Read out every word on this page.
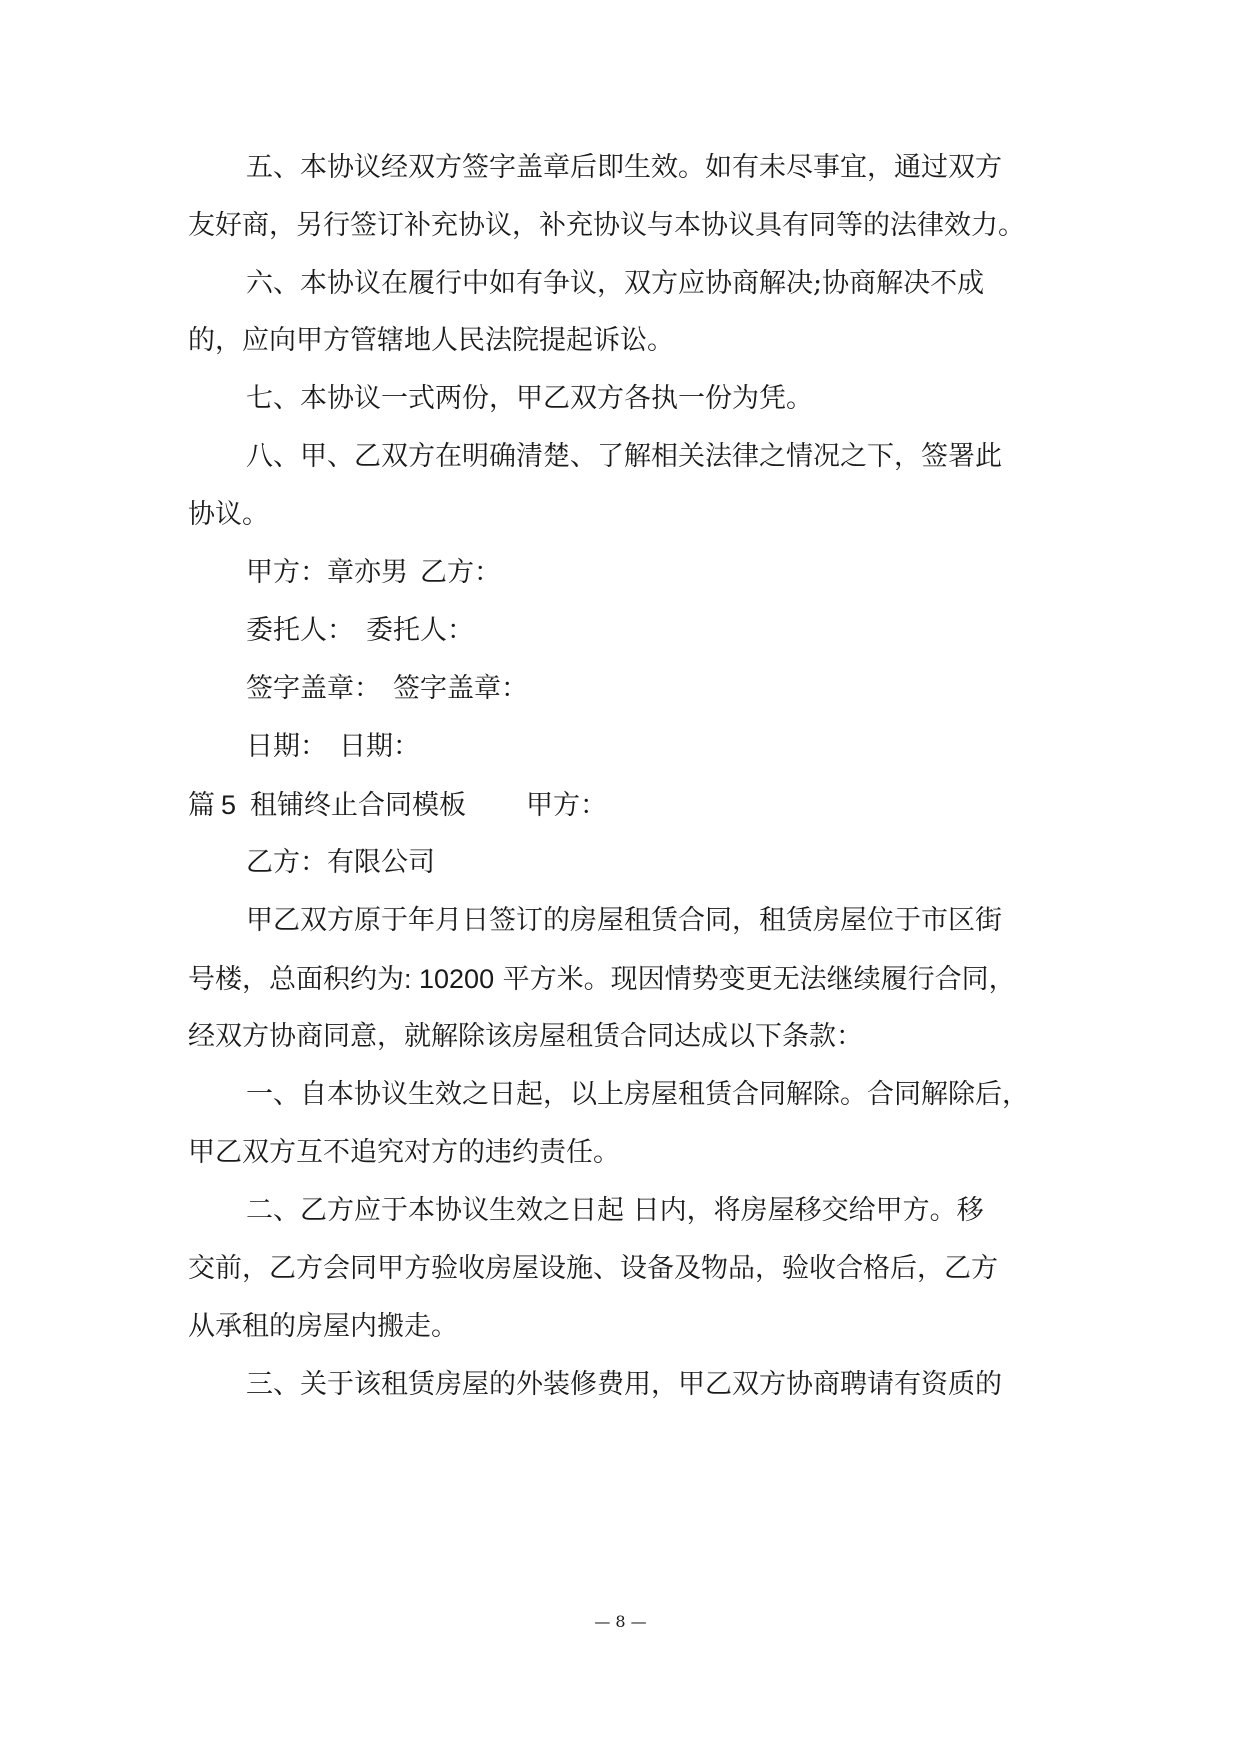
五、本协议经双方签字盖章后即生效。如有未尽事宜，通过双方
友好商，另行签订补充协议，补充协议与本协议具有同等的法律效力。
六、本协议在履行中如有争议，双方应协商解决;协商解决不成
的，应向甲方管辖地人民法院提起诉讼。
七、本协议一式两份，甲乙双方各执一份为凭。
八、甲、乙双方在明确清楚、了解相关法律之情况之下，签署此
协议。
甲方：章亦男 乙方：
委托人： 委托人：
签字盖章： 签字盖章：
日期： 日期：
篇 5 租铺终止合同模板 甲方：
乙方：有限公司
甲乙双方原于年月日签订的房屋租赁合同，租赁房屋位于市区街
号楼，总面积约为: 10200 平方米。现因情势变更无法继续履行合同，
经双方协商同意，就解除该房屋租赁合同达成以下条款：
一、自本协议生效之日起，以上房屋租赁合同解除。合同解除后，
甲乙双方互不追究对方的违约责任。
二、乙方应于本协议生效之日起 日内，将房屋移交给甲方。移
交前，乙方会同甲方验收房屋设施、设备及物品，验收合格后，乙方
从承租的房屋内搬走。
三、关于该租赁房屋的外装修费用，甲乙双方协商聘请有资质的
— 8 —
